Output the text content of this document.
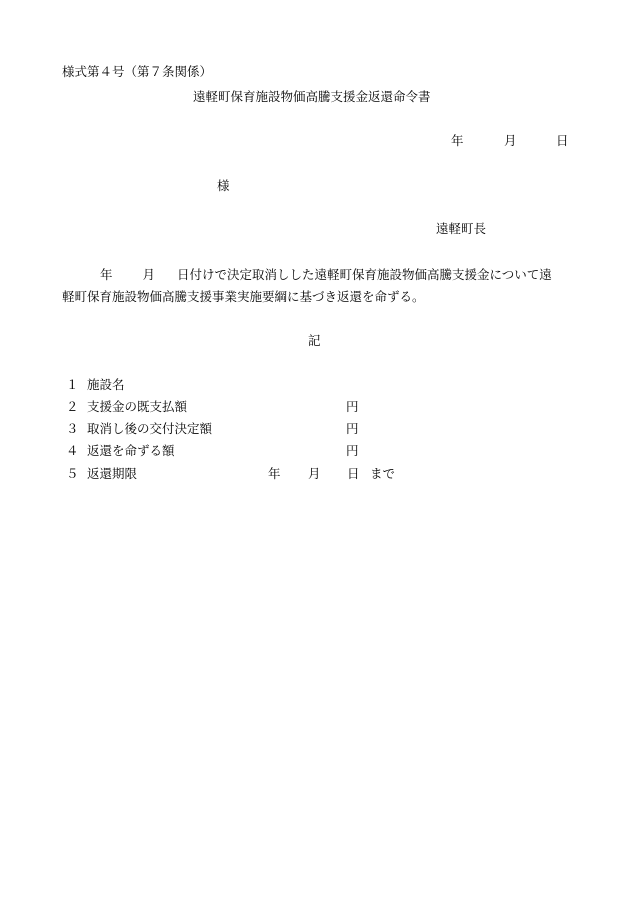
様式第４号（第７条関係）
遠軽町保育施設物価高騰支援金返還命令書
年	月	日
様
遠軽町長
年 月 日付けで決定取消しした遠軽町保育施設物価高騰支援金について遠
軽町保育施設物価高騰支援事業実施要綱に基づき返還を命ずる。
記
１ 施設名
２ 支援金の既支払額	円
３ 取消し後の交付決定額	円
４ 返還を命ずる額	円
５ 返還期限	年 月 日 まで
